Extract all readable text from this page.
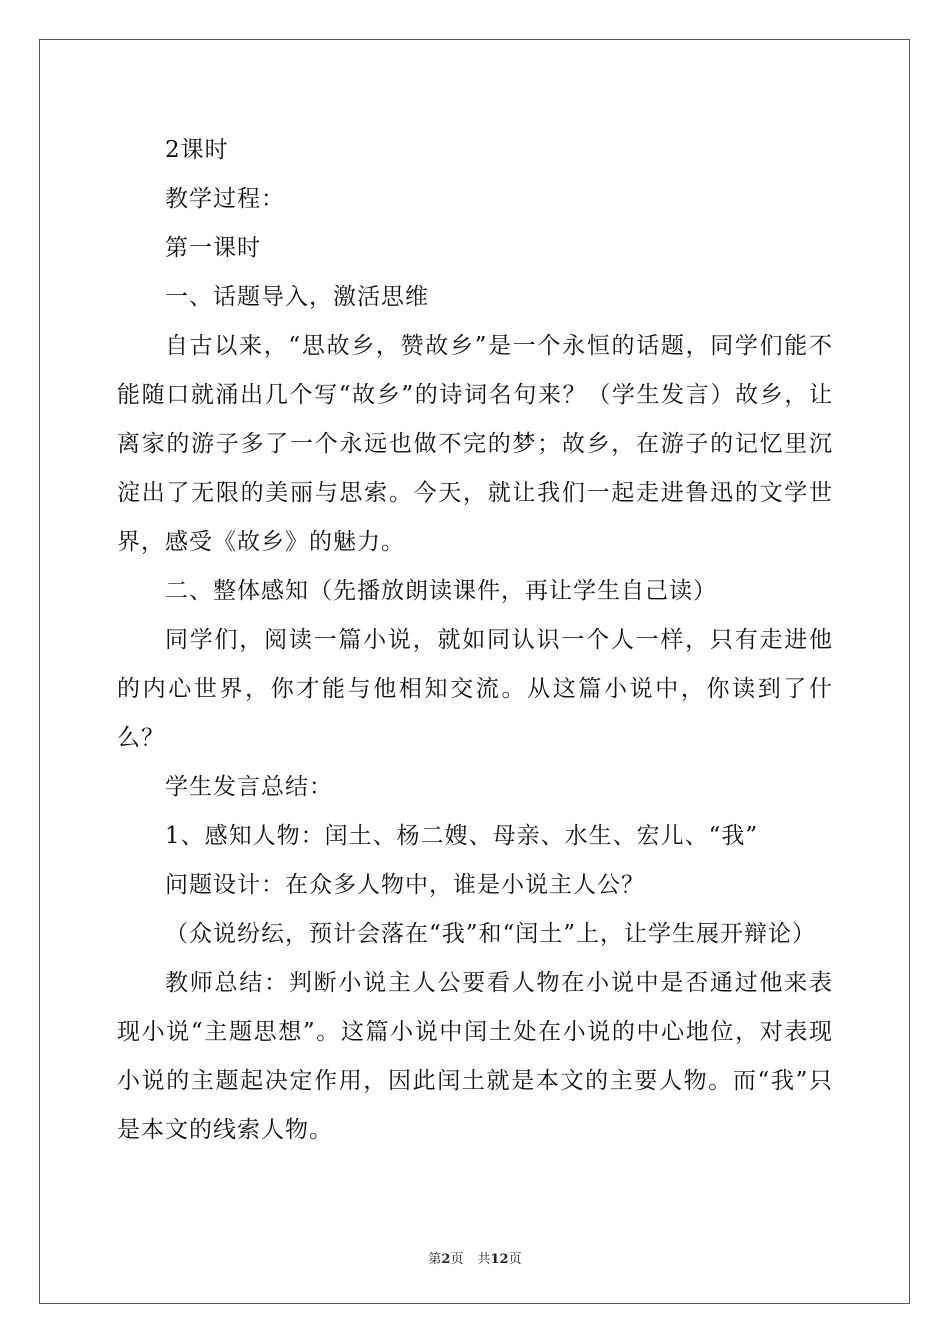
2课时

教学过程：

第一课时

一、话题导入，激活思维

自古以来，“思故乡，赞故乡”是一个永恒的话题，同学们能不能随口就涌出几个写“故乡”的诗词名句来？（学生发言）故乡，让离家的游子多了一个永远也做不完的梦；故乡，在游子的记忆里沉淀出了无限的美丽与思索。今天，就让我们一起走进鲁迅的文学世界，感受《故乡》的魅力。

二、整体感知（先播放朗读课件，再让学生自己读）

同学们，阅读一篇小说，就如同认识一个人一样，只有走进他的内心世界，你才能与他相知交流。从这篇小说中，你读到了什么？

学生发言总结：

1、感知人物：闰土、杨二嫂、母亲、水生、宏儿、“我”

问题设计：在众多人物中，谁是小说主人公？

（众说纷纭，预计会落在“我”和“闰土”上，让学生展开辩论）

教师总结：判断小说主人公要看人物在小说中是否通过他来表现小说“主题思想”。这篇小说中闰土处在小说的中心地位，对表现小说的主题起决定作用，因此闰土就是本文的主要人物。而“我”只是本文的线索人物。

第2页 共12页
